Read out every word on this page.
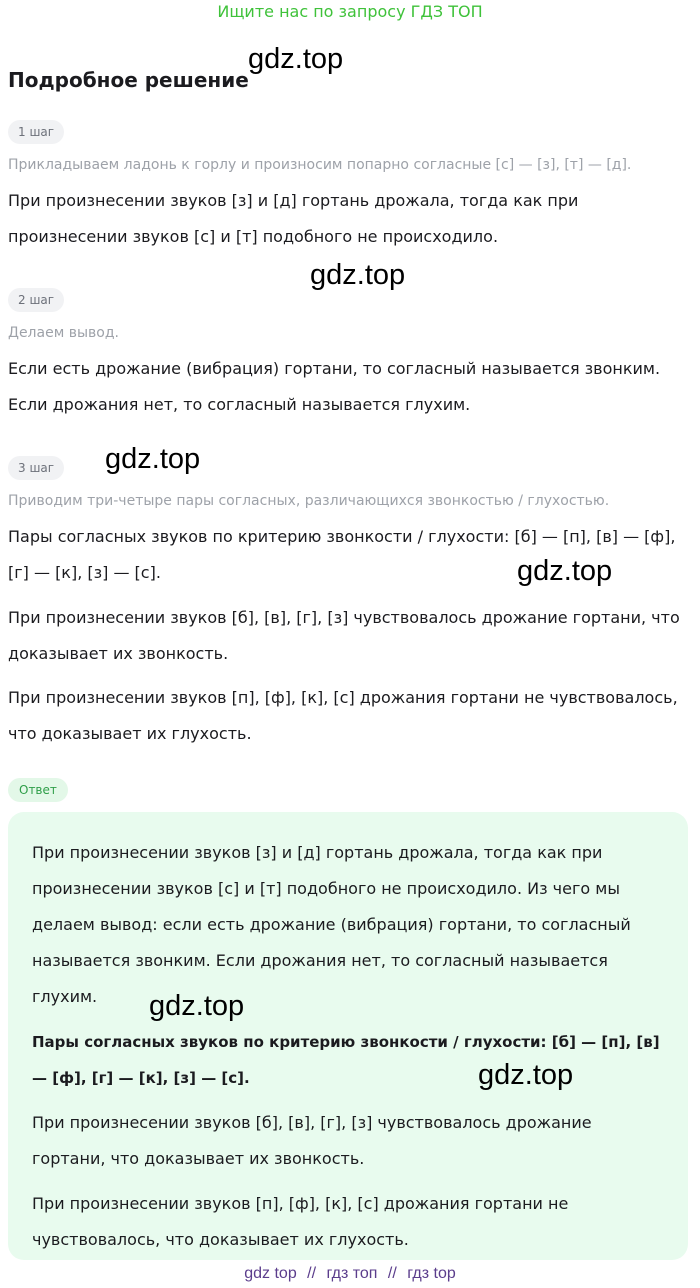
Ищите нас по запросу ГДЗ ТОП
Подробное решение
1 шаг
Прикладываем ладонь к горлу и произносим попарно согласные [с] — [з], [т] — [д].
При произнесении звуков [з] и [д] гортань дрожала, тогда как при произнесении звуков [с] и [т] подобного не происходило.
2 шаг
Делаем вывод.
Если есть дрожание (вибрация) гортани, то согласный называется звонким. Если дрожания нет, то согласный называется глухим.
3 шаг
Приводим три-четыре пары согласных, различающихся звонкостью / глухостью.
Пары согласных звуков по критерию звонкости / глухости: [б] — [п], [в] — [ф], [г] — [к], [з] — [с].
При произнесении звуков [б], [в], [г], [з] чувствовалось дрожание гортани, что доказывает их звонкость.
При произнесении звуков [п], [ф], [к], [с] дрожания гортани не чувствовалось, что доказывает их глухость.
Ответ
При произнесении звуков [з] и [д] гортань дрожала, тогда как при произнесении звуков [с] и [т] подобного не происходило. Из чего мы делаем вывод: если есть дрожание (вибрация) гортани, то согласный называется звонким. Если дрожания нет, то согласный называется глухим.
Пары согласных звуков по критерию звонкости / глухости: [б] — [п], [в] — [ф], [г] — [к], [з] — [с].
При произнесении звуков [б], [в], [г], [з] чувствовалось дрожание гортани, что доказывает их звонкость.
При произнесении звуков [п], [ф], [к], [с] дрожания гортани не чувствовалось, что доказывает их глухость.
gdz.top
gdz.top
gdz.top
gdz.top
gdz.top
gdz.top
gdz top // гдз топ // гдз top
